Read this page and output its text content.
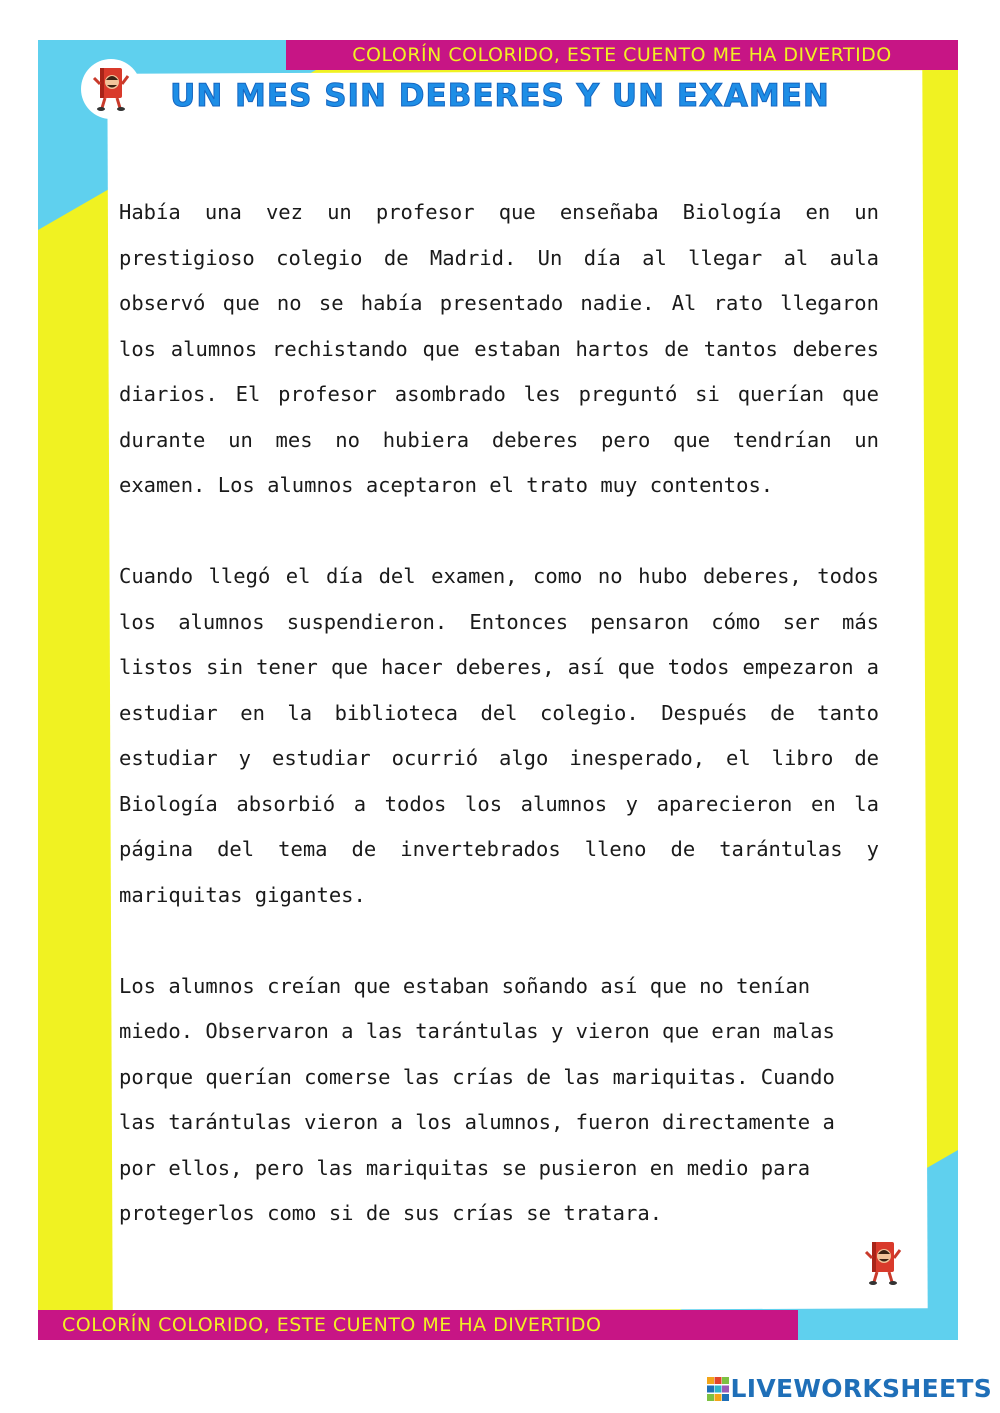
COLORÍN COLORIDO, ESTE CUENTO ME HA DIVERTIDO
COLORÍN COLORIDO, ESTE CUENTO ME HA DIVERTIDO
UN MES SIN DEBERES Y UN EXAMEN

Había una vez un profesor que enseñaba Biología en un prestigioso colegio de Madrid. Un día al llegar al aula observó que no se había presentado nadie. Al rato llegaron los alumnos rechistando que estaban hartos de tantos deberes diarios. El profesor asombrado les preguntó si querían que durante un mes no hubiera deberes pero que tendrían un examen. Los alumnos aceptaron el trato muy contentos.

Cuando llegó el día del examen, como no hubo deberes, todos los alumnos suspendieron. Entonces pensaron cómo ser más listos sin tener que hacer deberes, así que todos empezaron a estudiar en la biblioteca del colegio. Después de tanto estudiar y estudiar ocurrió algo inesperado, el libro de Biología absorbió a todos los alumnos y aparecieron en la página del tema de invertebrados lleno de tarántulas y mariquitas gigantes.

Los alumnos creían que estaban soñando así que no tenían miedo. Observaron a las tarántulas y vieron que eran malas porque querían comerse las crías de las mariquitas. Cuando las tarántulas vieron a los alumnos, fueron directamente a por ellos, pero las mariquitas se pusieron en medio para protegerlos como si de sus crías se tratara.

LIVEWORKSHEETS
